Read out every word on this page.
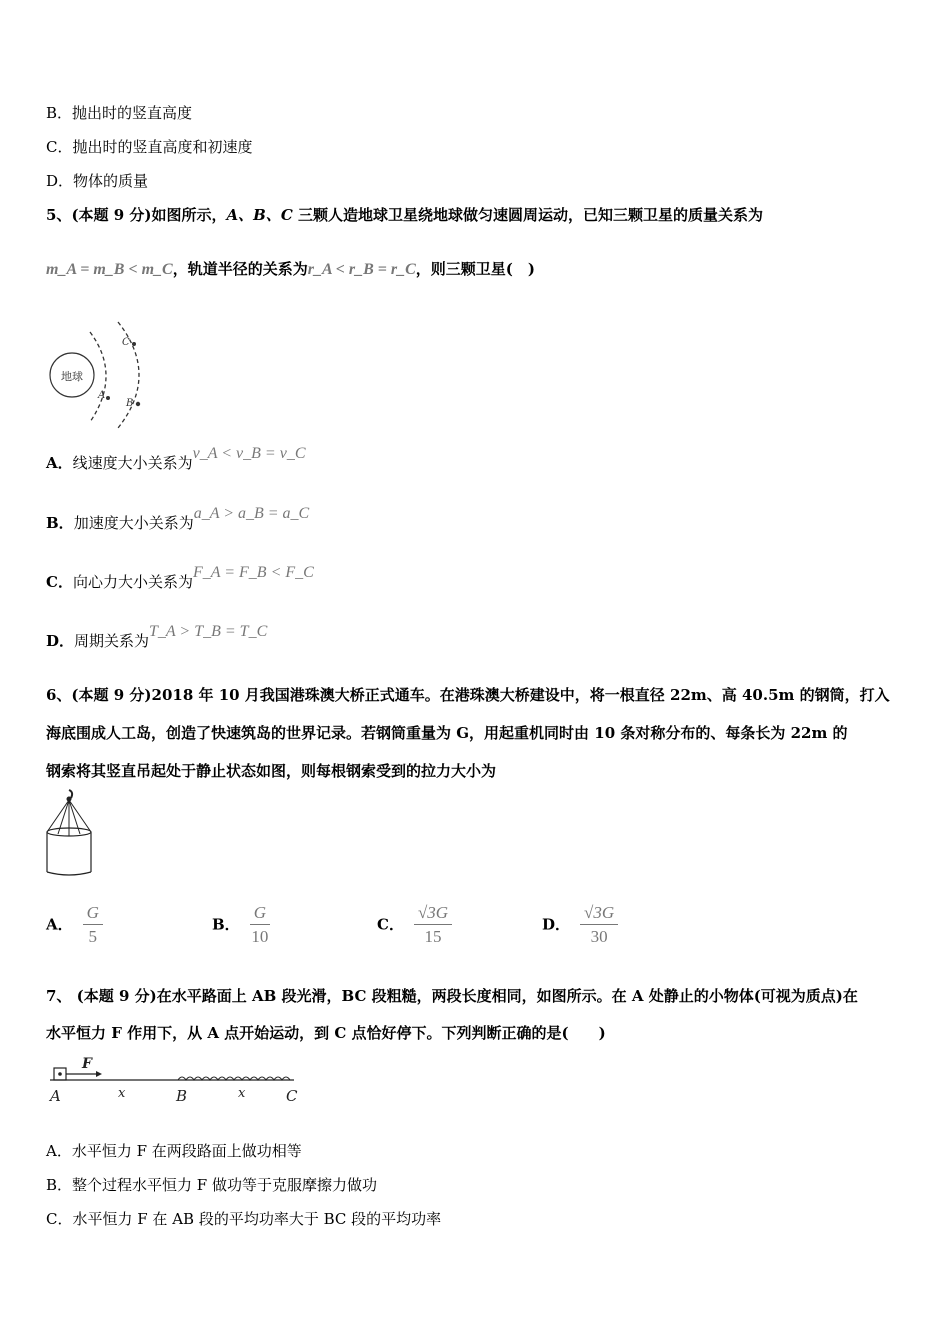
B．抛出时的竖直高度
C．抛出时的竖直高度和初速度
D．物体的质量
5、(本题 9 分)如图所示，A、B、C 三颗人造地球卫星绕地球做匀速圆周运动，已知三颗卫星的质量关系为
m_A = m_B < m_C，轨道半径的关系为r_A < r_B = r_C，则三颗卫星(　)
地球
A
B
C
A．线速度大小关系为v_A < v_B = v_C
B．加速度大小关系为a_A > a_B = a_C
C．向心力大小关系为F_A = F_B < F_C
D．周期关系为T_A > T_B = T_C
6、(本题 9 分)2018 年 10 月我国港珠澳大桥正式通车。在港珠澳大桥建设中，将一根直径 22m、高 40.5m 的钢筒，打入
海底围成人工岛，创造了快速筑岛的世界记录。若钢筒重量为 G，用起重机同时由 10 条对称分布的、每条长为 22m 的
钢索将其竖直吊起处于静止状态如图，则每根钢索受到的拉力大小为
A． $\frac{G}{5}$	B． $\frac{G}{10}$	C． $\frac{√3G}{15}$	D． $\frac{√3G}{30}$
7、 (本题 9 分)在水平路面上 AB 段光滑，BC 段粗糙，两段长度相同，如图所示。在 A 处静止的小物体(可视为质点)在
水平恒力 F 作用下，从 A 点开始运动，到 C 点恰好停下。下列判断正确的是(　　)
F
A	x	B	x	C
A．水平恒力 F 在两段路面上做功相等
B．整个过程水平恒力 F 做功等于克服摩擦力做功
C．水平恒力 F 在 AB 段的平均功率大于 BC 段的平均功率
